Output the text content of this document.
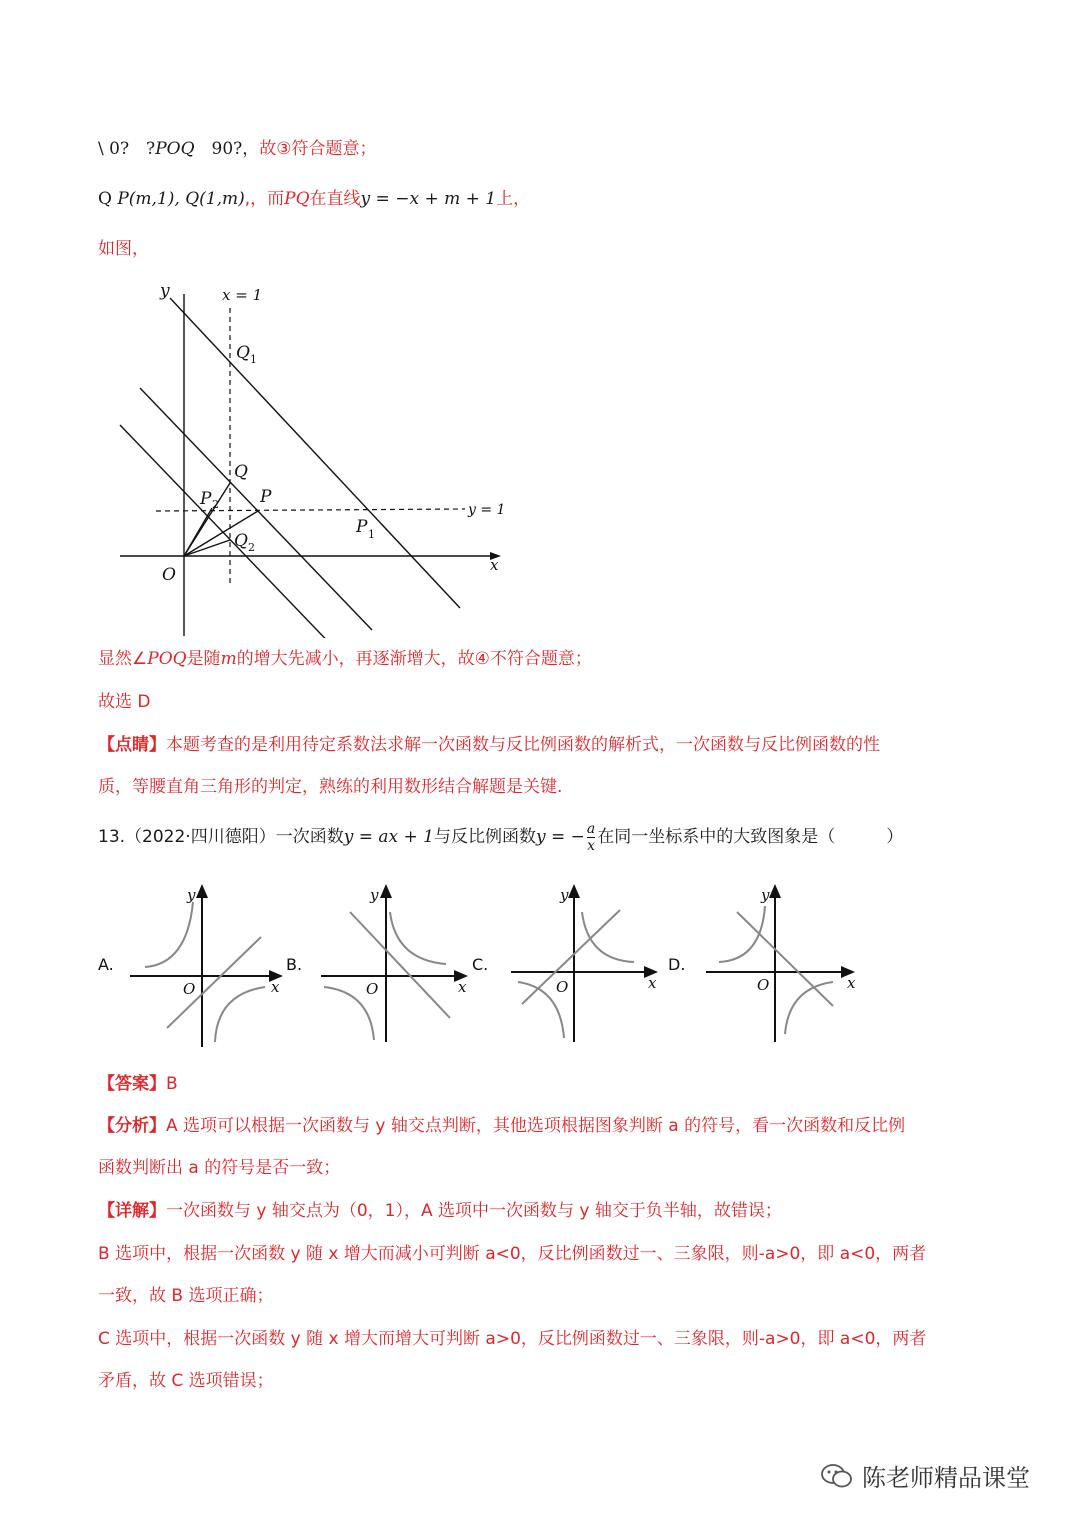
\ 0?　?POQ　90?，故③符合题意；
Q P(m,1), Q(1,m),，而PQ在直线y = −x + m + 1上，
如图，
y
x
O
x = 1
y = 1
Q 1
Q
P
P 2
P 1
Q 2
显然∠POQ是随m的增大先减小，再逐渐增大，故④不符合题意；
故选 D
【点睛】本题考查的是利用待定系数法求解一次函数与反比例函数的解析式，一次函数与反比例函数的性
质，等腰直角三角形的判定，熟练的利用数形结合解题是关键.
13.（2022·四川德阳）一次函数 y = ax + 1 与反比例函数 y = − $\frac{a}{x}$ 在同一坐标系中的大致图象是（　　　）
A.	B.	C.	D.
y
x
O
y
x
O
y
x
O
y
x
O
【答案】B
【分析】A 选项可以根据一次函数与 y 轴交点判断，其他选项根据图象判断 a 的符号，看一次函数和反比例
函数判断出 a 的符号是否一致；
【详解】一次函数与 y 轴交点为（0，1），A 选项中一次函数与 y 轴交于负半轴，故错误；
B 选项中，根据一次函数 y 随 x 增大而减小可判断 a<0，反比例函数过一、三象限，则-a>0，即 a<0，两者
一致，故 B 选项正确；
C 选项中，根据一次函数 y 随 x 增大而增大可判断 a>0，反比例函数过一、三象限，则-a>0，即 a<0，两者
矛盾，故 C 选项错误；
陈老师精品课堂
